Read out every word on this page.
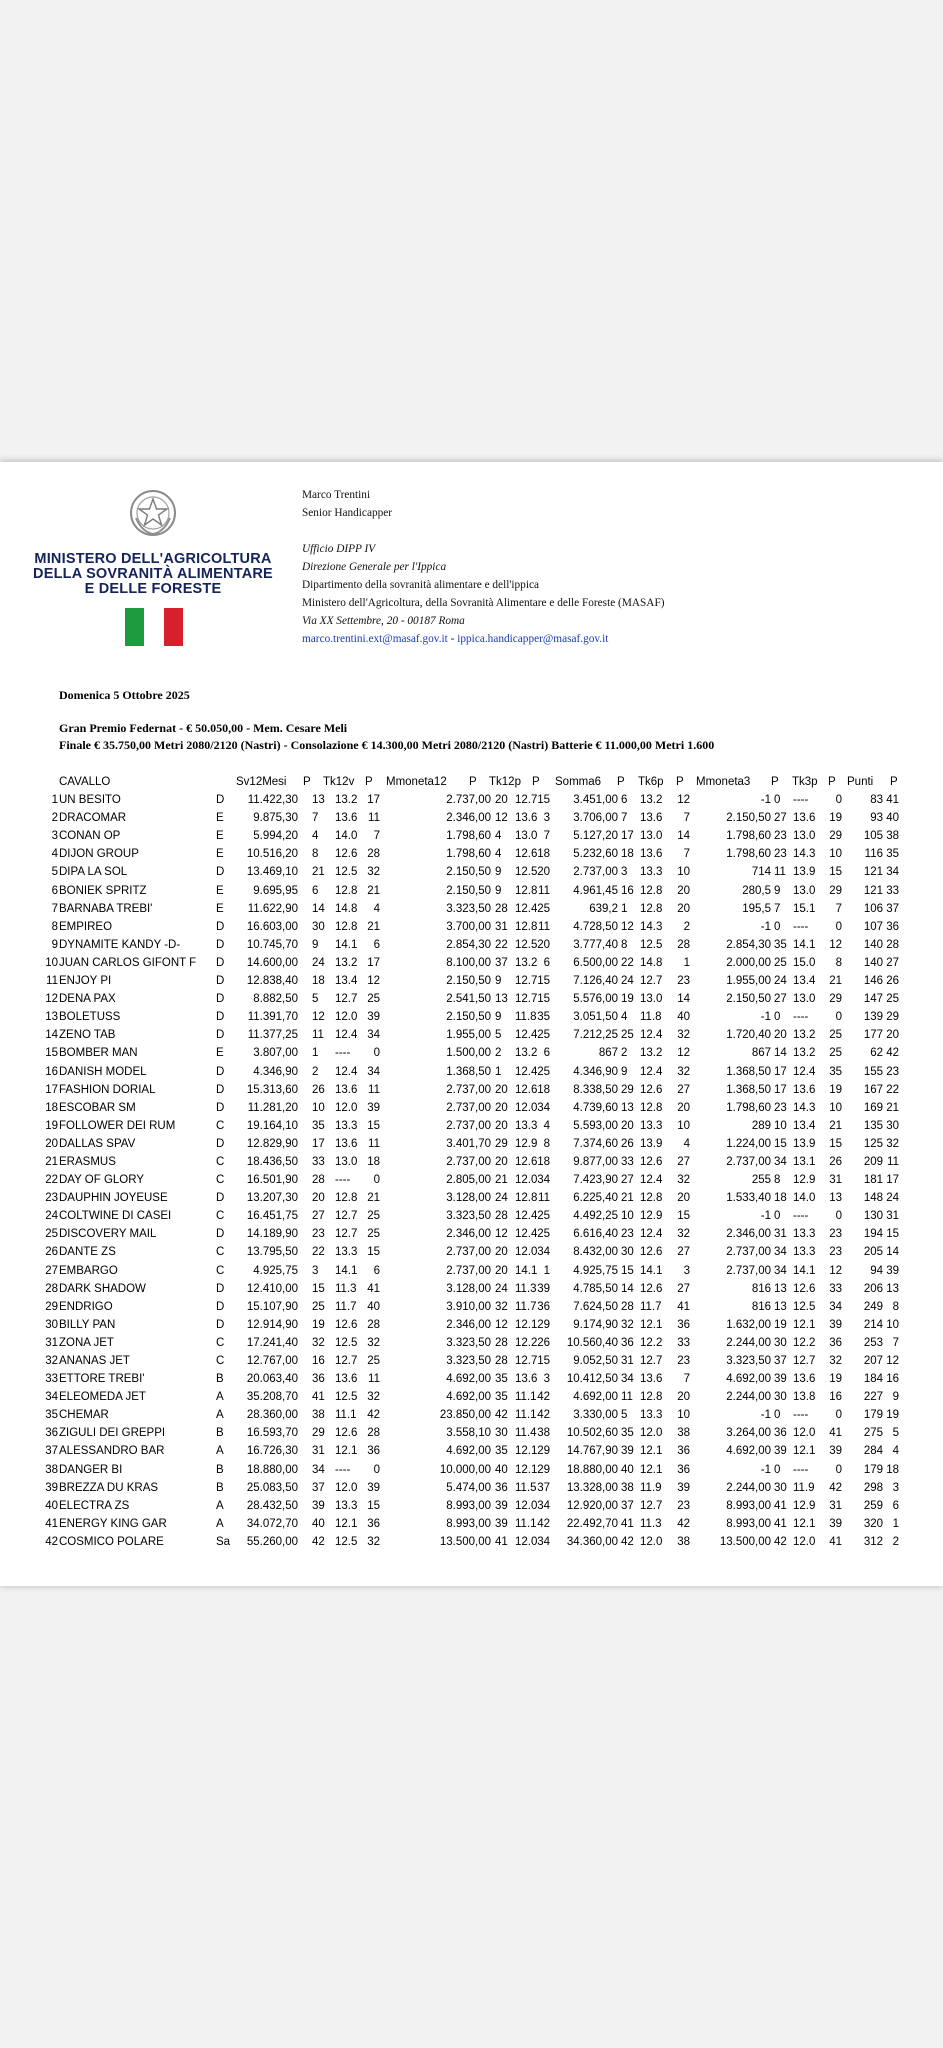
MINISTERO DELL'AGRICOLTURA
DELLA SOVRANITÀ ALIMENTARE
E DELLE FORESTE
Marco Trentini
Senior Handicapper
Ufficio DIPP IV
Direzione Generale per l'Ippica
Dipartimento della sovranità alimentare e dell'ippica
Ministero dell'Agricoltura, della Sovranità Alimentare e delle Foreste (MASAF)
Via XX Settembre, 20 - 00187 Roma
marco.trentini.ext@masaf.gov.it - ippica.handicapper@masaf.gov.it
Domenica 5 Ottobre 2025
Gran Premio Federnat - € 50.050,00 - Mem. Cesare Meli
Finale € 35.750,00 Metri 2080/2120 (Nastri) - Consolazione € 14.300,00 Metri 2080/2120 (Nastri) Batterie € 11.000,00 Metri 1.600
CAVALLO	Sv12Mesi P Tk12v P Mmoneta12 P Tk12p P Somma6 P Tk6p P Mmoneta3 P Tk3p P Punti P
1 UN BESITO	D 11.422,30 13 13.2 17	2.737,00 20 12.7 15 3.451,00 6 13.2 12	-1 0 ---- 0 83 41
2 DRACOMAR	E	9.875,30 7 13.6 11	2.346,00 12 13.6 3 3.706,00 7 13.6 7	2.150,50 27 13.6 19 93 40
3 CONAN OP	E	5.994,20 4 14.0 7	1.798,60 4 13.0 7 5.127,20 17 13.0 14	1.798,60 23 13.0 29 105 38
4 DIJON GROUP	E 10.516,20 8 12.6 28	1.798,60 4 12.6 18 5.232,60 18 13.6 7	1.798,60 23 14.3 10 116 35
5 DIPA LA SOL	D 13.469,10 21 12.5 32	2.150,50 9 12.5 20 2.737,00 3 13.3 10	714 11 13.9 15 121 34
6 BONIEK SPRITZ	E	9.695,95 6 12.8 21	2.150,50 9 12.8 11 4.961,45 16 12.8 20	280,5 9 13.0 29 121 33
7 BARNABA TREBI'	E 11.622,90 14 14.8 4	3.323,50 28 12.4 25	639,2 1 12.8 20	195,5 7 15.1 7 106 37
8 EMPIREO	D 16.603,00 30 12.8 21	3.700,00 31 12.8 11 4.728,50 12 14.3 2	-1 0 ---- 0 107 36
9 DYNAMITE KANDY -D-	D 10.745,70 9 14.1 6	2.854,30 22 12.5 20 3.777,40 8 12.5 28	2.854,30 35 14.1 12 140 28
10 JUAN CARLOS GIFONT F D 14.600,00 24 13.2 17	8.100,00 37 13.2 6 6.500,00 22 14.8 1	2.000,00 25 15.0 8 140 27
11 ENJOY PI	D 12.838,40 18 13.4 12	2.150,50 9 12.7 15 7.126,40 24 12.7 23	1.955,00 24 13.4 21 146 26
12 DENA PAX	D	8.882,50 5 12.7 25	2.541,50 13 12.7 15 5.576,00 19 13.0 14	2.150,50 27 13.0 29 147 25
13 BOLETUSS	D 11.391,70 12 12.0 39	2.150,50 9 11.8 35 3.051,50 4 11.8 40	-1 0 ---- 0 139 29
14 ZENO TAB	D 11.377,25 11 12.4 34	1.955,00 5 12.4 25 7.212,25 25 12.4 32	1.720,40 20 13.2 25 177 20
15 BOMBER MAN	E	3.807,00 1 ---- 0	1.500,00 2 13.2 6	867 2 13.2 12	867 14 13.2 25 62 42
16 DANISH MODEL	D	4.346,90 2 12.4 34	1.368,50 1 12.4 25 4.346,90 9 12.4 32	1.368,50 17 12.4 35 155 23
17 FASHION DORIAL	D 15.313,60 26 13.6 11	2.737,00 20 12.6 18 8.338,50 29 12.6 27	1.368,50 17 13.6 19 167 22
18 ESCOBAR SM	D 11.281,20 10 12.0 39	2.737,00 20 12.0 34 4.739,60 13 12.8 20	1.798,60 23 14.3 10 169 21
19 FOLLOWER DEI RUM	C 19.164,10 35 13.3 15	2.737,00 20 13.3 4 5.593,00 20 13.3 10	289 10 13.4 21 135 30
20 DALLAS SPAV	D 12.829,90 17 13.6 11	3.401,70 29 12.9 8 7.374,60 26 13.9 4	1.224,00 15 13.9 15 125 32
21 ERASMUS	C 18.436,50 33 13.0 18	2.737,00 20 12.6 18 9.877,00 33 12.6 27	2.737,00 34 13.1 26 209 11
22 DAY OF GLORY	C 16.501,90 28 ---- 0	2.805,00 21 12.0 34 7.423,90 27 12.4 32	255 8 12.9 31 181 17
23 DAUPHIN JOYEUSE	D 13.207,30 20 12.8 21	3.128,00 24 12.8 11 6.225,40 21 12.8 20	1.533,40 18 14.0 13 148 24
24 COLTWINE DI CASEI	C 16.451,75 27 12.7 25	3.323,50 28 12.4 25 4.492,25 10 12.9 15	-1 0 ---- 0 130 31
25 DISCOVERY MAIL	D 14.189,90 23 12.7 25	2.346,00 12 12.4 25 6.616,40 23 12.4 32	2.346,00 31 13.3 23 194 15
26 DANTE ZS	C 13.795,50 22 13.3 15	2.737,00 20 12.0 34 8.432,00 30 12.6 27	2.737,00 34 13.3 23 205 14
27 EMBARGO	C	4.925,75 3 14.1 6	2.737,00 20 14.1 1 4.925,75 15 14.1 3	2.737,00 34 14.1 12 94 39
28 DARK SHADOW	D 12.410,00 15 11.3 41	3.128,00 24 11.3 39 4.785,50 14 12.6 27	816 13 12.6 33 206 13
29 ENDRIGO	D 15.107,90 25 11.7 40	3.910,00 32 11.7 36 7.624,50 28 11.7 41	816 13 12.5 34 249 8
30 BILLY PAN	D 12.914,90 19 12.6 28	2.346,00 12 12.1 29 9.174,90 32 12.1 36	1.632,00 19 12.1 39 214 10
31 ZONA JET	C 17.241,40 32 12.5 32	3.323,50 28 12.2 26 10.560,40 36 12.2 33	2.244,00 30 12.2 36 253 7
32 ANANAS JET	C 12.767,00 16 12.7 25	3.323,50 28 12.7 15 9.052,50 31 12.7 23	3.323,50 37 12.7 32 207 12
33 ETTORE TREBI'	B 20.063,40 36 13.6 11	4.692,00 35 13.6 3 10.412,50 34 13.6 7	4.692,00 39 13.6 19 184 16
34 ELEOMEDA JET	A 35.208,70 41 12.5 32	4.692,00 35 11.1 42 4.692,00 11 12.8 20	2.244,00 30 13.8 16 227 9
35 CHEMAR	A 28.360,00 38 11.1 42	23.850,00 42 11.1 42 3.330,00 5 13.3 10	-1 0 ---- 0 179 19
36 ZIGULI DEI GREPPI	B 16.593,70 29 12.6 28	3.558,10 30 11.4 38 10.502,60 35 12.0 38	3.264,00 36 12.0 41 275 5
37 ALESSANDRO BAR	A 16.726,30 31 12.1 36	4.692,00 35 12.1 29 14.767,90 39 12.1 36	4.692,00 39 12.1 39 284 4
38 DANGER BI	B 18.880,00 34 ---- 0	10.000,00 40 12.1 29 18.880,00 40 12.1 36	-1 0 ---- 0 179 18
39 BREZZA DU KRAS	B 25.083,50 37 12.0 39	5.474,00 36 11.5 37 13.328,00 38 11.9 39	2.244,00 30 11.9 42 298 3
40 ELECTRA ZS	A 28.432,50 39 13.3 15	8.993,00 39 12.0 34 12.920,00 37 12.7 23	8.993,00 41 12.9 31 259 6
41 ENERGY KING GAR	A 34.072,70 40 12.1 36	8.993,00 39 11.1 42 22.492,70 41 11.3 42	8.993,00 41 12.1 39 320 1
42 COSMICO POLARE	Sa 55.260,00 42 12.5 32	13.500,00 41 12.0 34 34.360,00 42 12.0 38	13.500,00 42 12.0 41 312 2
